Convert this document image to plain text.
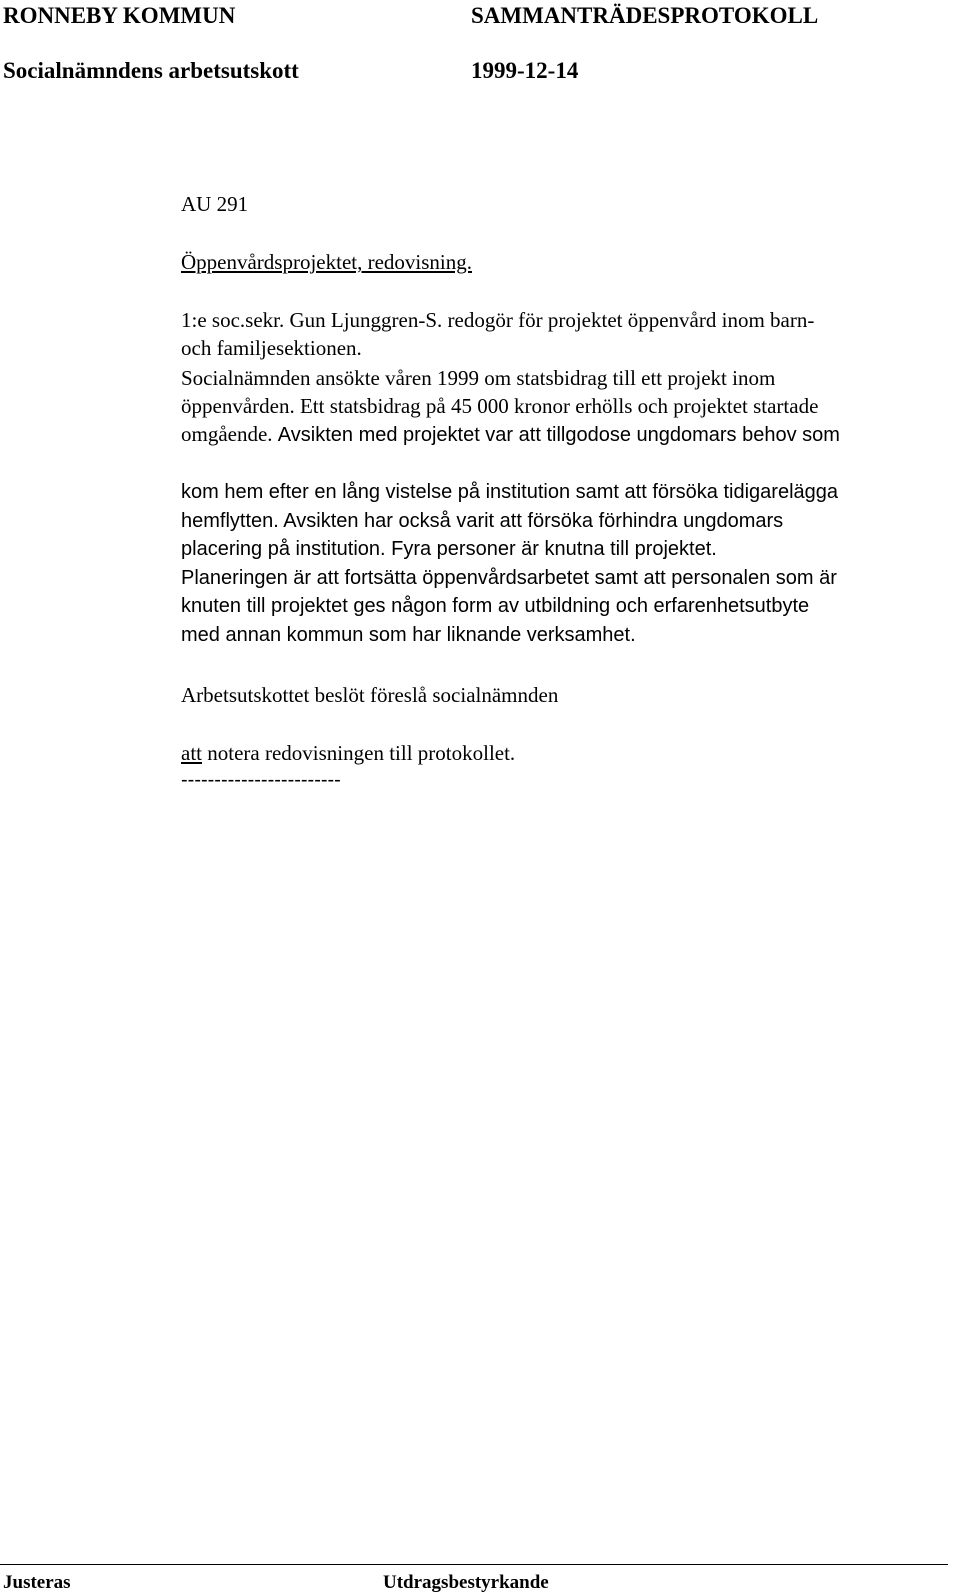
RONNEBY KOMMUN	SAMMANTRÄDESPROTOKOLL
Socialnämndens arbetsutskott	1999-12-14
AU 291
Öppenvårdsprojektet, redovisning.
1:e soc.sekr. Gun Ljunggren-S. redogör för projektet öppenvård inom barn-
och familjesektionen.
Socialnämnden ansökte våren 1999 om statsbidrag till ett projekt inom
öppenvården. Ett statsbidrag på 45 000 kronor erhölls och projektet startade
omgående. Avsikten med projektet var att tillgodose ungdomars behov som
kom hem efter en lång vistelse på institution samt att försöka tidigarelägga
hemflytten. Avsikten har också varit att försöka förhindra ungdomars
placering på institution. Fyra personer är knutna till projektet.
Planeringen är att fortsätta öppenvårdsarbetet samt att personalen som är
knuten till projektet ges någon form av utbildning och erfarenhetsutbyte
med annan kommun som har liknande verksamhet.
Arbetsutskottet beslöt föreslå socialnämnden
att notera redovisningen till protokollet.
------------------------
Justeras	Utdragsbestyrkande
